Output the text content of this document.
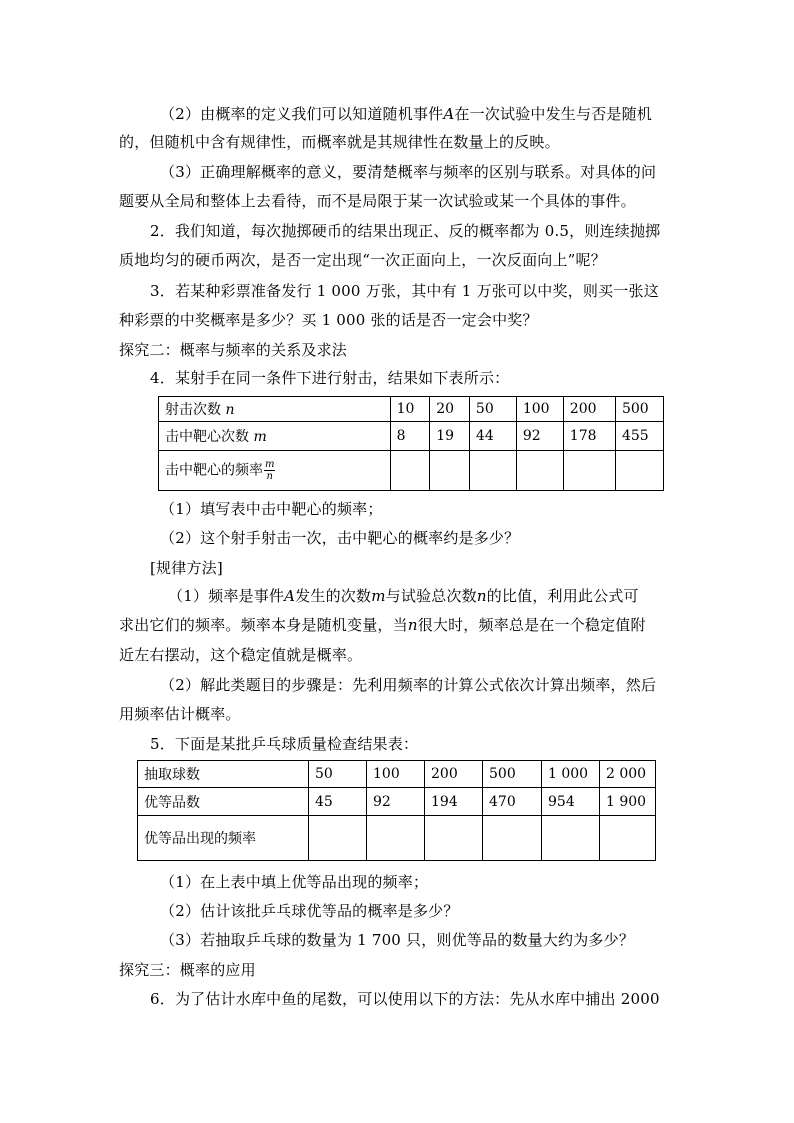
（2）由概率的定义我们可以知道随机事件A在一次试验中发生与否是随机
的，但随机中含有规律性，而概率就是其规律性在数量上的反映。
（3）正确理解概率的意义，要清楚概率与频率的区别与联系。对具体的问
题要从全局和整体上去看待，而不是局限于某一次试验或某一个具体的事件。
2．我们知道，每次抛掷硬币的结果出现正、反的概率都为 0.5，则连续抛掷
质地均匀的硬币两次，是否一定出现“一次正面向上，一次反面向上”呢？
3．若某种彩票准备发行 1 000 万张，其中有 1 万张可以中奖，则买一张这
种彩票的中奖概率是多少？买 1 000 张的话是否一定会中奖？
探究二：概率与频率的关系及求法
4．某射手在同一条件下进行射击，结果如下表所示：
射击次数 n	10	20	50	100	200	500
击中靶心次数 m	8	19	44	92	178	455
击中靶心的频率 $\frac{m}{n}$

（1）填写表中击中靶心的频率；
（2）这个射手射击一次，击中靶心的概率约是多少？
[规律方法]
（1）频率是事件A发生的次数m与试验总次数n的比值，利用此公式可
求出它们的频率。频率本身是随机变量，当n很大时，频率总是在一个稳定值附
近左右摆动，这个稳定值就是概率。
（2）解此类题目的步骤是：先利用频率的计算公式依次计算出频率，然后
用频率估计概率。
5．下面是某批乒乓球质量检查结果表：
抽取球数	50	100	200	500	1 000	2 000
优等品数	45	92	194	470	954	1 900
优等品出现的频率						
（1）在上表中填上优等品出现的频率；
（2）估计该批乒乓球优等品的概率是多少？
（3）若抽取乒乓球的数量为 1 700 只，则优等品的数量大约为多少？
探究三：概率的应用
6．为了估计水库中鱼的尾数，可以使用以下的方法：先从水库中捕出 2000
